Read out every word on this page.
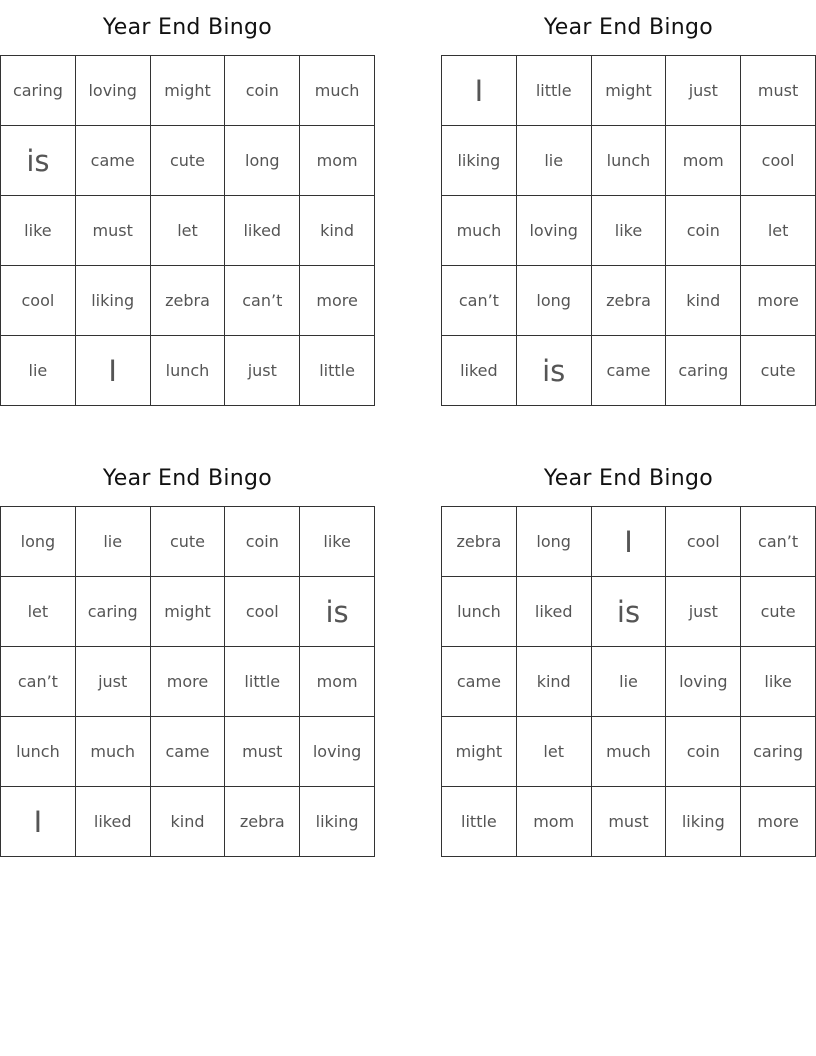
Year End Bingo
caring	loving	might	coin	much
is	came	cute	long	mom
like	must	let	liked	kind
cool	liking	zebra	can’t	more
lie	I	lunch	just	little
Year End Bingo
I	little	might	just	must
liking	lie	lunch	mom	cool
much	loving	like	coin	let
can’t	long	zebra	kind	more
liked	is	came	caring	cute
Year End Bingo
long	lie	cute	coin	like
let	caring	might	cool	is
can’t	just	more	little	mom
lunch	much	came	must	loving
I	liked	kind	zebra	liking
Year End Bingo
zebra	long	I	cool	can’t
lunch	liked	is	just	cute
came	kind	lie	loving	like
might	let	much	coin	caring
little	mom	must	liking	more
